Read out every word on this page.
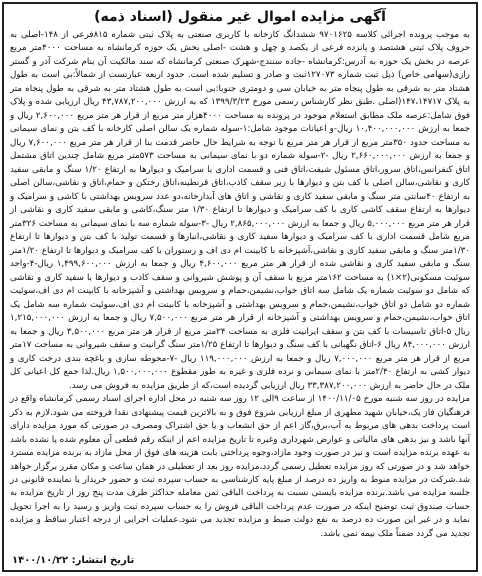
آگهی مزایده اموال غیر منقول (اسناد ذمه)

به موجب پرونده اجرائی کلاسه ۹۷۰۱۶۲۵ ششدانگ کارخانه با کاربری صنعتی به پلاک ثبتی شماره ۸۱۵فرعی از ۱۴۸-اصلی به حروف پلاک ثبتی هشتصد و پانزده فرعی از یکصد و چهل و هشت -اصلی بخش یک حوزه کرمانشاه به مساحت ۴۰۰۰متر مربع عرصه در بخش یک حوزه به آدرس:کرمانشاه -جاده سنندج-شهرک صنعتی کرمانشاه که سند مالکیت آن بنام شرکت آذر و گستر رازی(سهامی خاص) ذیل ثبت شماره ۱۲۷۰۷۳ثبت و صادر و تسلیم شده است. حدود اربعه عبارتست از شمالاً:بی است به طول هشتاد متر به شرقی به طول پنجاه متر به خیابان سی و دومتری جنوبا:بی است به طول هشتاد متر به شرقی به طول پنجاه متر به پلاک ۱۴۷،۱۴۷۱۷(اصلی .طبق نظر کارشناس رسمی مورخ ۱۳۹۹/۳/۲۳ که به ارزش ۴۳,۷۸۷,۲۰۰,۰۰۰ ریال ارزیابی شده و پلاک فوق شامل:عرصه ملک مطابق استعلام موجود در پرونده به مساحت ۴۰۰۰هزار متر مربع از قرار هر متر مربع ۲,۶۰۰,۰۰۰ ریال و جمعا به ارزش ۱۰,۴۰۰,۰۰۰,۰۰۰ ریال-و اعیانات موجود شامل:۱-سوله شماره یک سالن اصلی کارخانه با کف بتن و نمای سیمانی به مساحت حدود ۳۵۰متر مربع از قرار هر متر مربع با توجه به شرایط حال حاضر قدمت بنا از قرار هر متر مربع ۷,۶۰۰,۰۰۰ ریال و جمعا به ارزش ۲,۶۶۰,۰۰۰,۰۰۰ ریال -۲-سوله شماره دو با نمای سیمانی به مساحت ۵۷۳متر مربع شامل چندین اتاق مشتمل اتاق کنفرانس،اتاق سرور،اتاق مسئول شیفت،اتاق فنی و قسمت اداری با سرامیک و دیوارها به ارتفاع ۱/۲۰ سنگ و مابقی سفید کاری و نقاشی،سالن اصلی با کف بتن و دیوارها با زیر سقف کاذب،اتاق قرنطینه،اتاق رختکن و حمام،اتاق و نقاشی،سالن اصلی به ارتفاع ۴۰سانتی متر سنگ و مابقی سفید کاری و نقاشی و اتاق های آبدارخانه،دو عدد سرویس بهداشتی با کاشی و سرامیک و دیوارها به ارتفاع سقف کاشی کاری با کف سرامیک و دیوارها تا ارتفاع ۱/۳۰ متر سنگ،کاشی و مابقی سفید کاری و نقاشی از قرار هر متر مربع ۵,۰۰۰,۰۰۰ ریال و جمعا به ارزش ۲,۸۶۵,۰۰۰,۰۰۰ ریال -۳-سوله شماره سه با نمای سیمانی به مساحت ۳۲۶متر مربع شامل قسمت اداری با کف سرامیک و دیوارها سفید کاری و نقاشی،انبارها و قسمت تولید با کف بتن و دیوارها تا ارتفاع ۱/۳۰متر سنگ و مابقی سفید کاری و نقاشی،آشپزخانه با کابینت ام دی اف و رستوران با کف سرامیک و دیوارها تا ارتفاع ۱/۲۰متر سنگ و مابقی سفید کاری و نقاشی شده از قرار هر متر مربع ۴,۶۰۰,۰۰۰ ریال و جمعا به ارزش ۱,۴۹۹,۶۰۰,۰۰۰ ریال-۴-واحد سوئیت مسکونی(۲×۱) به مساحت ۱۶۲متر مربع با سقف آن و پوشش شیروانی و سقف کاذب و دیوارها با سفید کاری و نقاشی که شامل دو سوئیت شماره یک شامل سه اتاق خواب،نشیمن،حمام و سرویس بهداشتی و آشپزخانه با کابینت ام دی اف،سوئیت شماره دو شامل دو اتاق خواب،نشیمن،حمام و سرویس بهداشتی و آشپزخانه با کابینت ام دی اف،سوئیت شماره سه شامل یک اتاق خواب،نشیمن،حمام و سرویس بهداشتی و آشپزخانه از قرار هر متر مربع ۷,۵۰۰,۰۰۰ ریال و جمعا به ارزش ۱,۲۱۵,۰۰۰,۰۰۰ ریال ۵-اتاق تاسیسات با کف بتن و سقف ایرانیت فلزی به مساحت ۲۴متر مربع از قرار هر متر مربع ۳,۵۰۰,۰۰۰ ریال و جمعا به ارزش ۸۴,۰۰۰,۰۰۰ ریال ۶-اتاق نگهبانی با کف سنگ و دیوارها تا ارتفاع ۱/۲۵متر سنگ گرانیت و سقف شیروانی به مساحت ۱۷متر مربع از قرار هر متر مربع ۷,۰۰۰,۰۰۰ ریال و جمعا به ارزش ۱۱۹,۰۰۰,۰۰۰ ریال -۷-محوطه سازی و باغچه بندی درخت کاری و دیوار کشی به ارتفاع ۲/۴۰متر با نمای سیمانی و نرده فلزی و غیره به طور مقطوع ۱,۵۰۰,۰۰۰,۰۰۰ ریال.لذا جمع کل اعیانی کل ملک در حال حاضر به ارزش ۳۳,۳۸۷,۲۰۰,۰۰۰ ریال ارزیابی گردیده است،که از طریق مزایده به فروش می رسد.

مزایده در روز سه شنبه مورخ ۱۴۰۰/۱۱/۰۵ از ساعت ۹الی ۱۲ روز سه شنبه در محل اداره اجرای اسناد رسمی کرمانشاه واقع در فرهنگیان فاز یک،خیابان شهید مطهری از مبلغ ارزیابی شروع فوق و به بالاترین قیمت پیشنهادی نقدا فروخته می شود.لازم به ذکر است پرداخت بدهی های مربوط به آب،برق،گاز اعم از حق انشعاب و یا حق اشتراک ومصرف در صورتی که مورد مزایده دارای آنها باشد و نیز بدهی های مالیاتی و عوارض شهرداری وغیره تا تاریخ مزایده اعم از اینکه رقم قطعی آن معلوم شده یا نشده باشد به عهده برنده مزایده است و نیز در صورت وجود مازاد،وجوه پرداختی بابت هزینه های فوق از محل مازاد به برنده مزایده مسترد خواهد شد و در صورتی که روز مزایده تعطیل رسمی گردد،مزایده روز بعد از تعطیلی در همان ساعت و مکان مقرر برگزار خواهد شد.شرکت در مزایده منوط به واریز ده درصد از مبلغ پایه کارشناسی به حساب سپرده ثبت و حضور خریدار یا نماینده قانونی در جلسه مزایده می باشد.برنده مزایده بایستی نسبت به پرداخت الباقی ثمن معامله حداکثر ظرف مدت پنج روز از تاریخ مزایده به حساب صندوق ثبت توضیح اینکه در صورت عدم پرداخت الباقی فروش را به حساب سپرده ثبت واریز و رسید را به اجرا تحویل نماید و در غیر این صورت ده درصد به نفع دولت ضبط و مزایده تجدید می شود.عملیات اجرایی از درجه اعتبار ساقط و مزایده تجدید می گردد ضمناً ملک بیمه نمی باشد.

تاریخ انتشار: ۱۴۰۰/۱۰/۲۲
